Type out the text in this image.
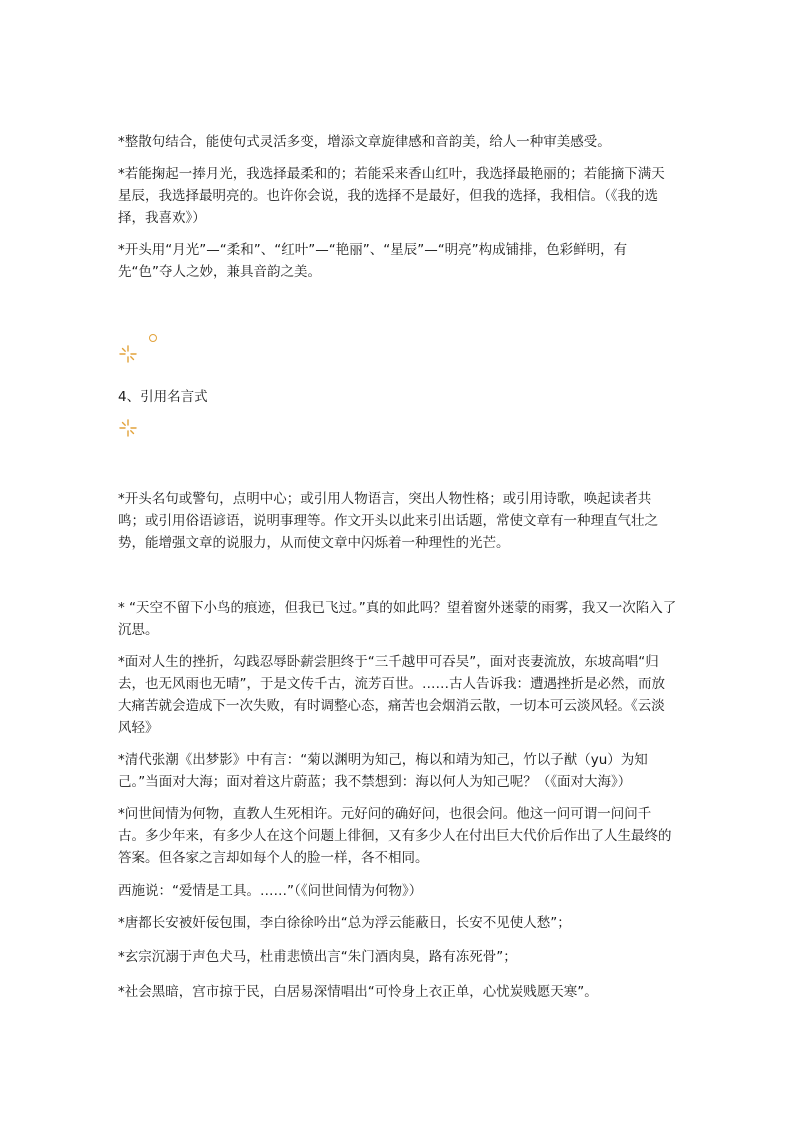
*整散句结合，能使句式灵活多变，增添文章旋律感和音韵美，给人一种审美感受。

*若能掬起一捧月光，我选择最柔和的；若能采来香山红叶，我选择最艳丽的；若能摘下满天星辰，我选择最明亮的。也许你会说，我的选择不是最好，但我的选择，我相信。（《我的选择，我喜欢》）

*开头用“月光”—“柔和”、“红叶”—“艳丽”、“星辰”—“明亮”构成铺排，色彩鲜明，有先“色”夺人之妙，兼具音韵之美。

4、引用名言式

*开头名句或警句，点明中心；或引用人物语言，突出人物性格；或引用诗歌，唤起读者共鸣；或引用俗语谚语，说明事理等。作文开头以此来引出话题，常使文章有一种理直气壮之势，能增强文章的说服力，从而使文章中闪烁着一种理性的光芒。

* “天空不留下小鸟的痕迹，但我已飞过。”真的如此吗？望着窗外迷蒙的雨雾，我又一次陷入了沉思。

*面对人生的挫折，勾践忍辱卧薪尝胆终于“三千越甲可吞吴”，面对丧妻流放，东坡高唱“归去，也无风雨也无晴”，于是文传千古，流芳百世。……古人告诉我：遭遇挫折是必然，而放大痛苦就会造成下一次失败，有时调整心态，痛苦也会烟消云散，一切本可云淡风轻。《云淡风轻》

*清代张潮《出梦影》中有言：“菊以渊明为知己，梅以和靖为知己，竹以子猷（yu）为知己。”当面对大海；面对着这片蔚蓝；我不禁想到：海以何人为知己呢？（《面对大海》）

*问世间情为何物，直教人生死相许。元好问的确好问，也很会问。他这一问可谓一问问千古。多少年来，有多少人在这个问题上徘徊，又有多少人在付出巨大代价后作出了人生最终的答案。但各家之言却如每个人的脸一样，各不相同。

西施说：“爱情是工具。……”（《问世间情为何物》）

*唐都长安被奸佞包围，李白徐徐吟出“总为浮云能蔽日，长安不见使人愁”；

*玄宗沉溺于声色犬马，杜甫悲愤出言“朱门酒肉臭，路有冻死骨”；

*社会黑暗，宫市掠于民，白居易深情唱出“可怜身上衣正单，心忧炭贱愿天寒”。
